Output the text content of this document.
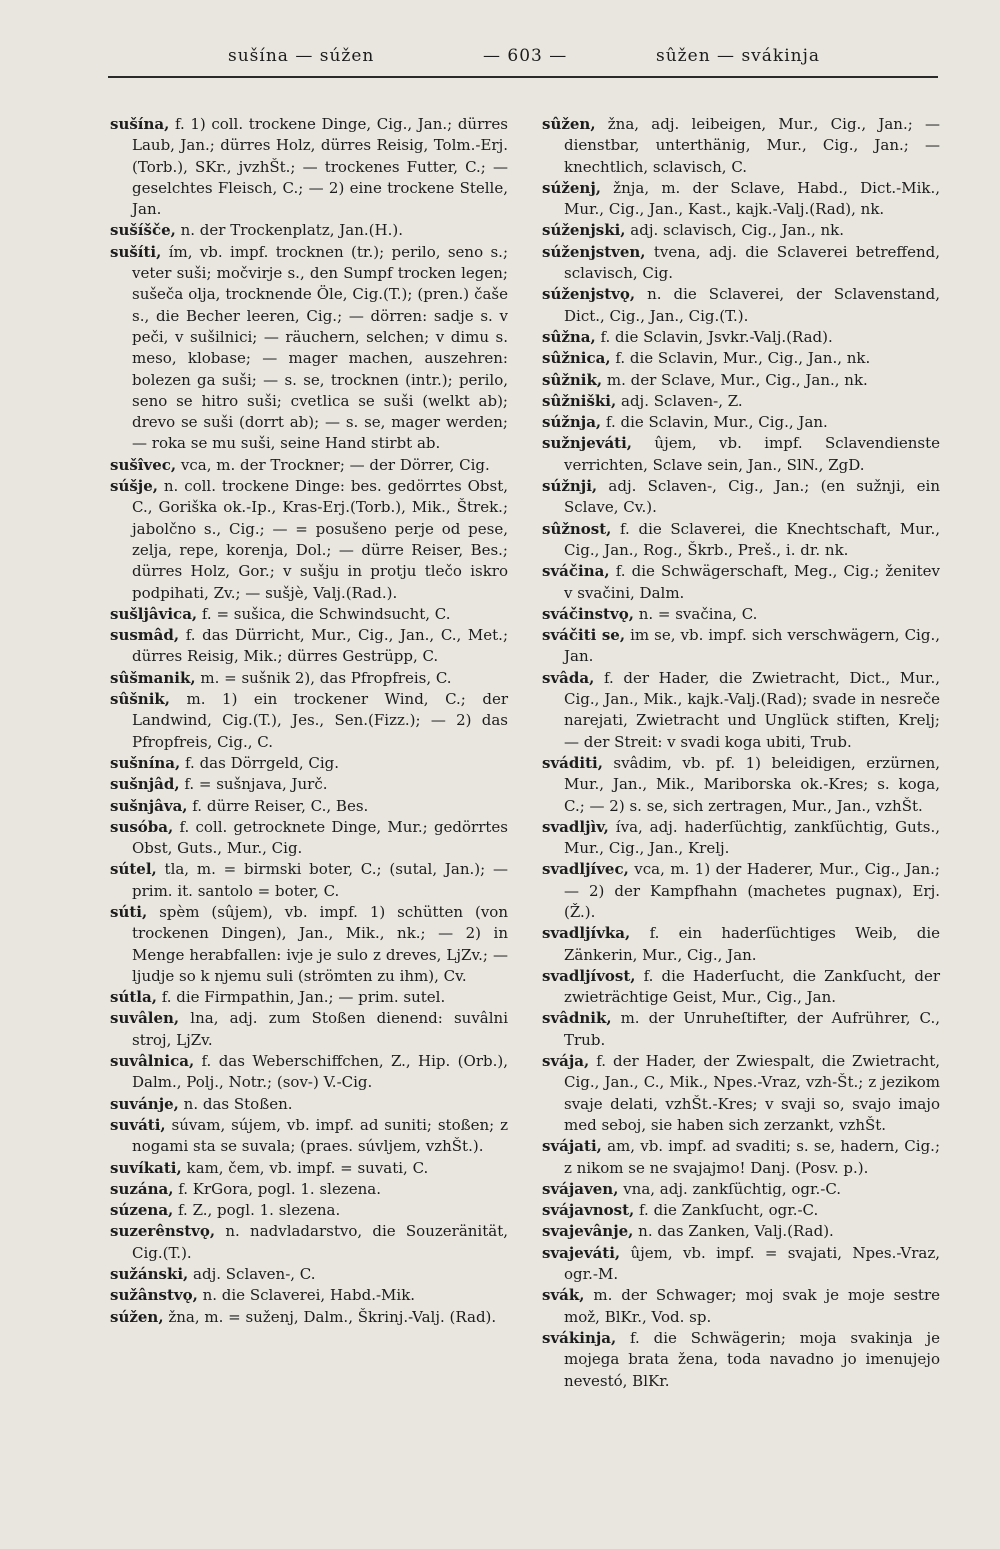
sušína — súžen	— 603 —	sûžen — svákinja

sušína, f. 1) coll. trockene Dinge, Cig., Jan.; dürres Laub, Jan.; dürres Holz, dürres Reisig, Tolm.-Erj.(Torb.), SKr., jvzhŠt.; — trockenes Futter, C.; — geselchtes Fleisch, C.; — 2) eine trockene Stelle, Jan.

sušíšče, n. der Trockenplatz, Jan.(H.).

sušíti, ím, vb. impf. trocknen (tr.); perilo, seno s.; veter suši; močvirje s., den Sumpf trocken legen; sušeča olja, trocknende Öle, Cig.(T.); (pren.) čaše s., die Becher leeren, Cig.; — dörren: sadje s. v peči, v sušilnici; — räuchern, selchen; v dimu s. meso, klobase; — mager machen, auszehren: bolezen ga suši; — s. se, trocknen (intr.); perilo, seno se hitro suši; cvetlica se suši (welkt ab); drevo se suši (dorrt ab); — s. se, mager werden; — roka se mu suši, seine Hand stirbt ab.

sušîvec, vca, m. der Trockner; — der Dörrer, Cig.

súšje, n. coll. trockene Dinge: bes. gedörrtes Obst, C., Goriška ok.-Ip., Kras-Erj.(Torb.), Mik., Štrek.; jabolčno s., Cig.; — = posušeno perje od pese, zelja, repe, korenja, Dol.; — dürre Reiser, Bes.; dürres Holz, Gor.; v sušju in protju tlečo iskro podpihati, Zv.; — sušjè, Valj.(Rad.).

sušljâvica, f. = sušica, die Schwindsucht, C.

susmâd, f. das Dürricht, Mur., Cig., Jan., C., Met.; dürres Reisig, Mik.; dürres Gestrüpp, C.

sûšmanik, m. = sušnik 2), das Pfropfreis, C.

sûšnik, m. 1) ein trockener Wind, C.; der Landwind, Cig.(T.), Jes., Sen.(Fizz.); — 2) das Pfropfreis, Cig., C.

sušnína, f. das Dörrgeld, Cig.

sušnjâd, f. = sušnjava, Jurč.

sušnjâva, f. dürre Reiser, C., Bes.

susóba, f. coll. getrocknete Dinge, Mur.; gedörrtes Obst, Guts., Mur., Cig.

sútel, tla, m. = birmski boter, C.; (sutal, Jan.); — prim. it. santolo = boter, C.

súti, spèm (sûjem), vb. impf. 1) schütten (von trockenen Dingen), Jan., Mik., nk.; — 2) in Menge herabfallen: ivje je sulo z dreves, LjZv.; — ljudje so k njemu suli (strömten zu ihm), Cv.

sútla, f. die Firmpathin, Jan.; — prim. sutel.

suvâlen, lna, adj. zum Stoßen dienend: suvâlni stroj, LjZv.

suvâlnica, f. das Weberschiffchen, Z., Hip. (Orb.), Dalm., Polj., Notr.; (sov-) V.-Cig.

suvánje, n. das Stoßen.

suváti, súvam, sújem, vb. impf. ad suniti; stoßen; z nogami sta se suvala; (praes. súvljem, vzhŠt.).

suvíkati, kam, čem, vb. impf. = suvati, C.

suzána, f. KrGora, pogl. 1. slezena.

súzena, f. Z., pogl. 1. slezena.

suzerênstvǫ, n. nadvladarstvo, die Souzeränität, Cig.(T.).

sužánski, adj. Sclaven-, C.

sužânstvǫ, n. die Sclaverei, Habd.-Mik.

súžen, žna, m. = suženj, Dalm., Škrinj.-Valj. (Rad).

sûžen, žna, adj. leibeigen, Mur., Cig., Jan.; — dienstbar, unterthänig, Mur., Cig., Jan.; — knechtlich, sclavisch, C.

súženj, žnja, m. der Sclave, Habd., Dict.-Mik., Mur., Cig., Jan., Kast., kajk.-Valj.(Rad), nk.

súženjski, adj. sclavisch, Cig., Jan., nk.

súženjstven, tvena, adj. die Sclaverei betreffend, sclavisch, Cig.

súženjstvǫ, n. die Sclaverei, der Sclavenstand, Dict., Cig., Jan., Cig.(T.).

sûžna, f. die Sclavin, Jsvkr.-Valj.(Rad).

sûžnica, f. die Sclavin, Mur., Cig., Jan., nk.

sûžnik, m. der Sclave, Mur., Cig., Jan., nk.

sûžniški, adj. Sclaven-, Z.

súžnja, f. die Sclavin, Mur., Cig., Jan.

sužnjeváti, ûjem, vb. impf. Sclavendienste verrichten, Sclave sein, Jan., SlN., ZgD.

súžnji, adj. Sclaven-, Cig., Jan.; (en sužnji, ein Sclave, Cv.).

sûžnost, f. die Sclaverei, die Knechtschaft, Mur., Cig., Jan., Rog., Škrb., Preš., i. dr. nk.

sváčina, f. die Schwägerschaft, Meg., Cig.; ženitev v svačini, Dalm.

sváčinstvǫ, n. = svačina, C.

sváčiti se, im se, vb. impf. sich verschwägern, Cig., Jan.

svâda, f. der Hader, die Zwietracht, Dict., Mur., Cig., Jan., Mik., kajk.-Valj.(Rad); svade in nesreče narejati, Zwietracht und Unglück stiften, Krelj; — der Streit: v svadi koga ubiti, Trub.

sváditi, svâdim, vb. pf. 1) beleidigen, erzürnen, Mur., Jan., Mik., Mariborska ok.-Kres; s. koga, C.; — 2) s. se, sich zertragen, Mur., Jan., vzhŠt.

svadljìv, íva, adj. haderſüchtig, zankſüchtig, Guts., Mur., Cig., Jan., Krelj.

svadljívec, vca, m. 1) der Haderer, Mur., Cig., Jan.; — 2) der Kampfhahn (machetes pugnax), Erj.(Ž.).

svadljívka, f. ein haderſüchtiges Weib, die Zänkerin, Mur., Cig., Jan.

svadljívost, f. die Haderſucht, die Zankſucht, der zwieträchtige Geist, Mur., Cig., Jan.

svâdnik, m. der Unruheſtifter, der Aufrührer, C., Trub.

svája, f. der Hader, der Zwiespalt, die Zwietracht, Cig., Jan., C., Mik., Npes.-Vraz, vzh-Št.; z jezikom svaje delati, vzhŠt.-Kres; v svaji so, svajo imajo med seboj, sie haben sich zerzankt, vzhŠt.

svájati, am, vb. impf. ad svaditi; s. se, hadern, Cig.; z nikom se ne svajajmo! Danj. (Posv. p.).

svájaven, vna, adj. zankſüchtig, ogr.-C.

svájavnost, f. die Zankſucht, ogr.-C.

svajevânje, n. das Zanken, Valj.(Rad).

svajeváti, ûjem, vb. impf. = svajati, Npes.-Vraz, ogr.-M.

svák, m. der Schwager; moj svak je moje sestre mož, BlKr., Vod. sp.

svákinja, f. die Schwägerin; moja svakinja je mojega brata žena, toda navadno jo imenujejo nevestó, BlKr.
